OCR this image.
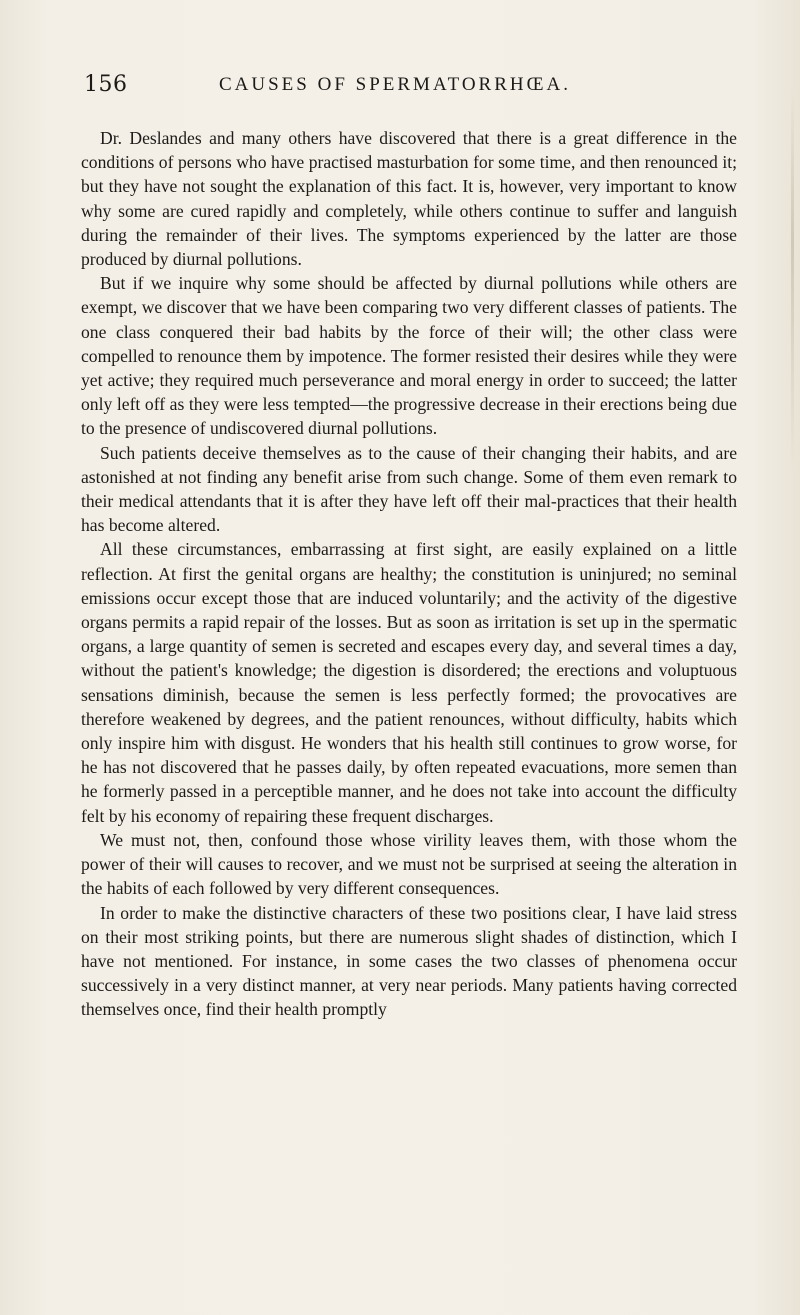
156	CAUSES OF SPERMATORRHŒA.

Dr. Deslandes and many others have discovered that there is a great difference in the conditions of persons who have practised masturbation for some time, and then renounced it; but they have not sought the explanation of this fact. It is, however, very important to know why some are cured rapidly and completely, while others continue to suffer and languish during the remainder of their lives. The symptoms experienced by the latter are those produced by diurnal pollutions.

But if we inquire why some should be affected by diurnal pollutions while others are exempt, we discover that we have been comparing two very different classes of patients. The one class conquered their bad habits by the force of their will; the other class were compelled to renounce them by impotence. The former resisted their desires while they were yet active; they required much perseverance and moral energy in order to succeed; the latter only left off as they were less tempted—the progressive decrease in their erections being due to the presence of undiscovered diurnal pollutions.

Such patients deceive themselves as to the cause of their changing their habits, and are astonished at not finding any benefit arise from such change. Some of them even remark to their medical attendants that it is after they have left off their mal-practices that their health has become altered.

All these circumstances, embarrassing at first sight, are easily explained on a little reflection. At first the genital organs are healthy; the constitution is uninjured; no seminal emissions occur except those that are induced voluntarily; and the activity of the digestive organs permits a rapid repair of the losses. But as soon as irritation is set up in the spermatic organs, a large quantity of semen is secreted and escapes every day, and several times a day, without the patient's knowledge; the digestion is disordered; the erections and voluptuous sensations diminish, because the semen is less perfectly formed; the provocatives are therefore weakened by degrees, and the patient renounces, without difficulty, habits which only inspire him with disgust. He wonders that his health still continues to grow worse, for he has not discovered that he passes daily, by often repeated evacuations, more semen than he formerly passed in a perceptible manner, and he does not take into account the difficulty felt by his economy of repairing these frequent discharges.

We must not, then, confound those whose virility leaves them, with those whom the power of their will causes to recover, and we must not be surprised at seeing the alteration in the habits of each followed by very different consequences.

In order to make the distinctive characters of these two positions clear, I have laid stress on their most striking points, but there are numerous slight shades of distinction, which I have not mentioned. For instance, in some cases the two classes of phenomena occur successively in a very distinct manner, at very near periods. Many patients having corrected themselves once, find their health promptly
